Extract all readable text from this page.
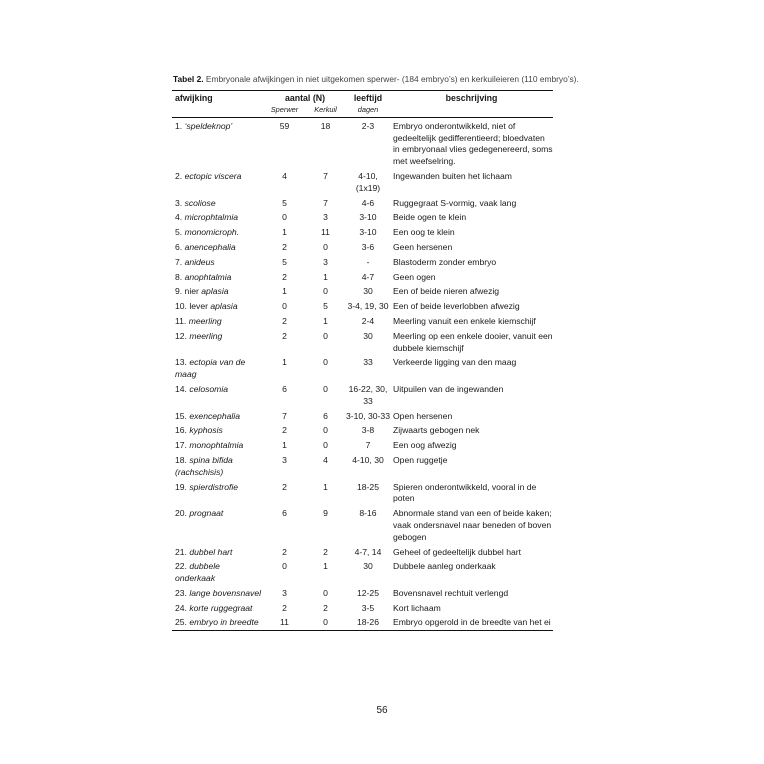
Tabel 2. Embryonale afwijkingen in niet uitgekomen sperwer- (184 embryo’s) en kerkuileieren (110 embryo’s).
afwijking	aantal (N)		leeftijd	beschrijving
	Sperwer	Kerkuil	dagen	
1. ‘speldeknop’	59	18	2-3	Embryo onderontwikkeld, niet of gedeeltelijk gedifferentieerd; bloedvaten in embryonaal vlies gedegenereerd, soms met weefselring.
2. ectopic viscera	4	7	4-10, (1x19)	Ingewanden buiten het lichaam
3. scoliose	5	7	4-6	Ruggegraat S-vormig, vaak lang
4. microphtalmia	0	3	3-10	Beide ogen te klein
5. monomicroph.	1	11	3-10	Een oog te klein
6. anencephalia	2	0	3-6	Geen hersenen
7. anideus	5	3	-	Blastoderm zonder embryo
8. anophtalmia	2	1	4-7	Geen ogen
9. nier aplasia	1	0	30	Een of beide nieren afwezig
10. lever aplasia	0	5	3-4, 19, 30	Een of beide leverlobben afwezig
11. meerling	2	1	2-4	Meerling vanuit een enkele kiemschijf
12. meerling	2	0	30	Meerling op een enkele dooier, vanuit een dubbele kiemschijf
13. ectopia van de maag	1	0	33	Verkeerde ligging van den maag
14. celosomia	6	0	16-22, 30, 33	Uitpuilen van de ingewanden
15. exencephalia	7	6	3-10, 30-33	Open hersenen
16. kyphosis	2	0	3-8	Zijwaarts gebogen nek
17. monophtalmia	1	0	7	Een oog afwezig
18. spina bifida (rachschisis)	3	4	4-10, 30	Open ruggetje
19. spierdistrofie	2	1	18-25	Spieren onderontwikkeld, vooral in de poten
20. prognaat	6	9	8-16	Abnormale stand van een of beide kaken; vaak ondersnavel naar beneden of boven gebogen
21. dubbel hart	2	2	4-7, 14	Geheel of gedeeltelijk dubbel hart
22. dubbele onderkaak	0	1	30	Dubbele aanleg onderkaak
23. lange bovensnavel	3	0	12-25	Bovensnavel rechtuit verlengd
24. korte ruggegraat	2	2	3-5	Kort lichaam
25. embryo in breedte	11	0	18-26	Embryo opgerold in de breedte van het ei
56
